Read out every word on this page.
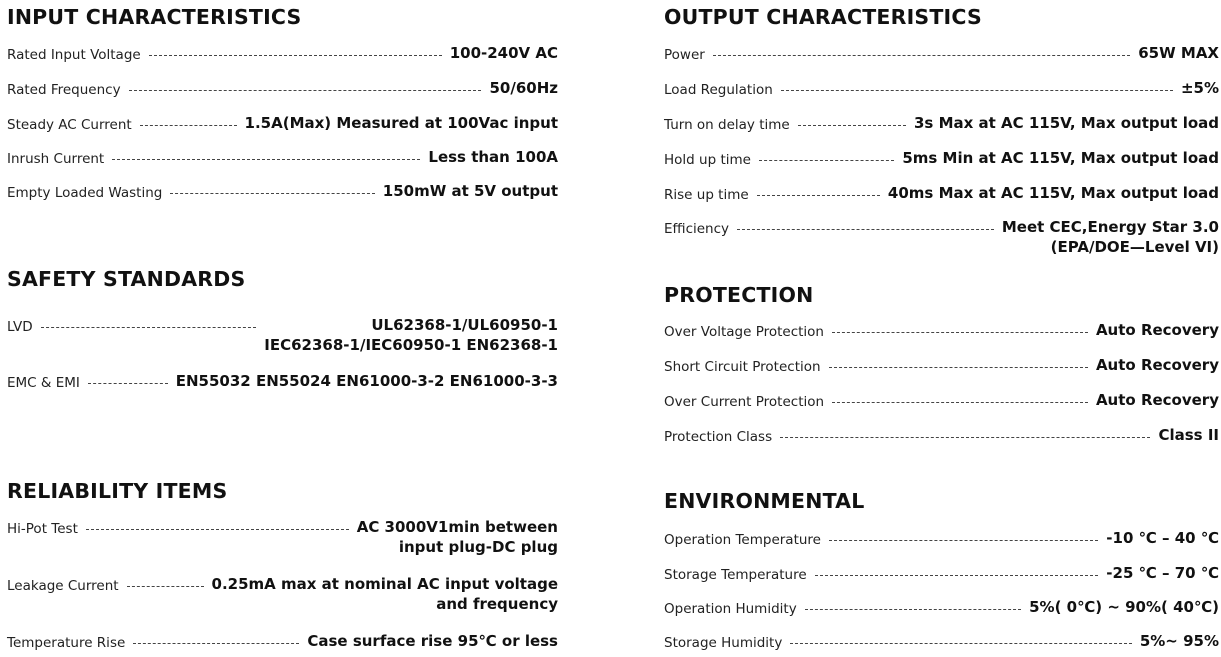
INPUT CHARACTERISTICS
Rated Input Voltage	100-240V AC
Rated Frequency	50/60Hz
Steady AC Current	1.5A(Max) Measured at 100Vac input
Inrush Current	Less than 100A
Empty Loaded Wasting	150mW at 5V output
SAFETY STANDARDS
LVD	UL62368-1/UL60950-1
IEC62368-1/IEC60950-1 EN62368-1
EMC & EMI	EN55032 EN55024 EN61000-3-2 EN61000-3-3
RELIABILITY ITEMS
Hi-Pot Test	AC 3000V1min between
input plug-DC plug
Leakage Current	0.25mA max at nominal AC input voltage
and frequency
Temperature Rise	Case surface rise 95℃ or less
OUTPUT CHARACTERISTICS
Power	65W MAX
Load Regulation	±5%
Turn on delay time	3s Max at AC 115V, Max output load
Hold up time	5ms Min at AC 115V, Max output load
Rise up time	40ms Max at AC 115V, Max output load
Efficiency	Meet CEC,Energy Star 3.0
(EPA/DOE—Level VI)
PROTECTION
Over Voltage Protection	Auto Recovery
Short Circuit Protection	Auto Recovery
Over Current Protection	Auto Recovery
Protection Class	Class II
ENVIRONMENTAL
Operation Temperature	-10 ℃ – 40 ℃
Storage Temperature	-25 ℃ – 70 ℃
Operation Humidity	5%( 0℃) ~ 90%( 40℃)
Storage Humidity	5%~ 95%
